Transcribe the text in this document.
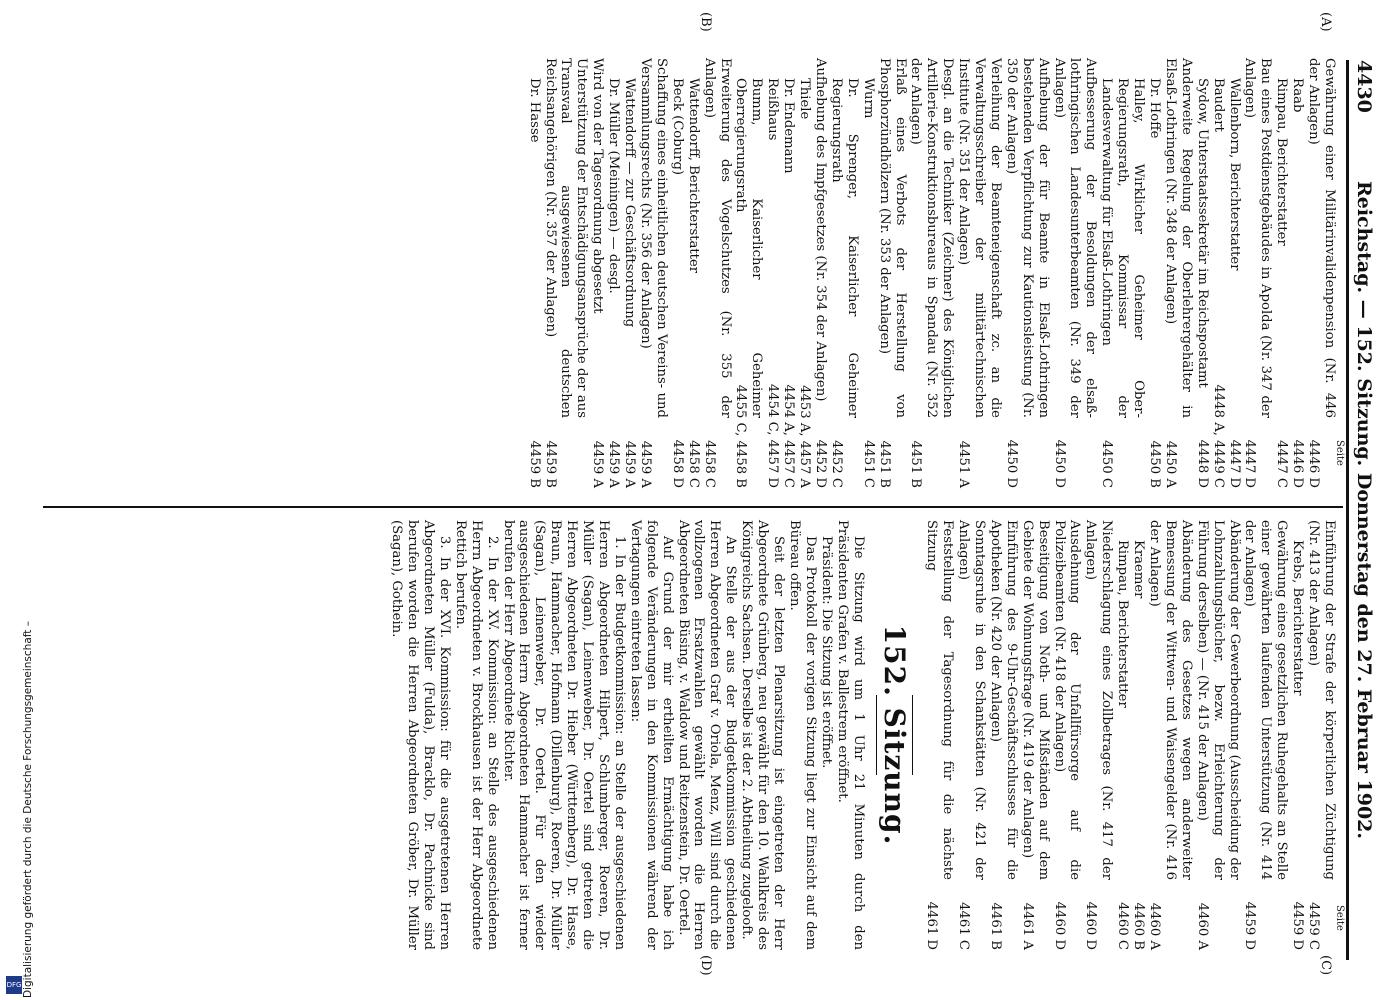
4430
Reichstag. — 152. Sitzung. Donnerstag den 27. Februar 1902.
Seite
Seite
(A)
(B)
(C)
(D)
Gewährung einer Militärinvalidenpension (Nr. 446 der Anlagen)
4446 D
Raab
4446 D
Rimpau, Berichterstatter
4447 C
Bau eines Postdienstgebäudes in Apolda (Nr. 347 der Anlagen)
4447 D
Wallenborn, Berichterstatter
4447 D
Baudert
4448 A, 4449 C
Sydow, Unterstaatssekretär im Reichspostamt
4448 D
Anderweite Regelung der Oberlehrergehälter in Elsaß-Lothringen (Nr. 348 der Anlagen)
4450 A
Dr. Hoffe
4450 B
Halley, Wirklicher Geheimer Ober-Regierungsrath, Kommissar der Landesverwaltung für Elsaß-Lothringen
4450 C
Aufbesserung der Besoldungen der elsaß-lothringischen Landesunterbeamten (Nr. 349 der Anlagen)
4450 D
Aufhebung der für Beamte in Elsaß-Lothringen bestehenden Verpflichtung zur Kautionsleistung (Nr. 350 der Anlagen)
4450 D
Verleihung der Beamteneigenschaft zc. an die Verwaltungsschreiber der militärtechnischen Institute (Nr. 351 der Anlagen)
4451 A
Desgl. an die Techniker (Zeichner) des Königlichen Artillerie-Konstruktionsbureaus in Spandau (Nr. 352 der Anlagen)
4451 B
Erlaß eines Verbots der Herstellung von Phosphorzündhölzern (Nr. 353 der Anlagen)
4451 B
Wurm
4451 C
Dr. Sprenger, Kaiserlicher Geheimer Regierungsrath
4452 C
Aufhebung des Impfgesetzes (Nr. 354 der Anlagen)
4452 D
Thiele
4453 A, 4457 A
Dr. Endemann
4454 A, 4457 C
Reißhaus
4454 C, 4457 D
Bumm, Kaiserlicher Geheimer Oberregierungsrath
4455 C, 4458 B
Erweiterung des Vogelschutzes (Nr. 355 der Anlagen)
4458 C
Wattendorff, Berichterstatter
4458 C
Beck (Coburg)
4458 D
Schaffung eines einheitlichen deutschen Vereins- und Versammlungsrechts (Nr. 356 der Anlagen)
4459 A
Wattendorff — zur Geschäftsordnung
4459 A
Dr. Müller (Meiningen) — desgl.
4459 A
Wird von der Tagesordnung abgesetzt
4459 A
Unterstützung der Entschädigungsansprüche der aus Transvaal ausgewiesenen deutschen Reichsangehörigen (Nr. 357 der Anlagen)
4459 B
Dr. Hasse
4459 B
Einführung der Strafe der körperlichen Züchtigung (Nr. 413 der Anlagen)
4459 C
Krebs, Berichterstatter
4459 D
Gewährung eines gesetzlichen Ruhegehalts an Stelle einer gewährten laufenden Unterstützung (Nr. 414 der Anlagen)
4459 D
Abänderung der Gewerbeordnung (Ausscheidung der Lohnzahlungsbücher, bezw. Erleichterung der Führung derselben) — (Nr. 415 der Anlagen)
4460 A
Abänderung des Gesetzes wegen anderweiter Bemessung der Wittwen- und Waisengelder (Nr. 416 der Anlagen)
4460 A
Kraemer
4460 B
Rimpau, Berichterstatter
4460 C
Niederschlagung eines Zollbetrages (Nr. 417 der Anlagen)
4460 D
Ausdehnung der Unfallfürsorge auf die Polizeibeamten (Nr. 418 der Anlagen)
4460 D
Beseitigung von Noth- und Mißständen auf dem Gebiete der Wohnungsfrage (Nr. 419 der Anlagen)
4461 A
Einführung des 9-Uhr-Geschäftsschlusses für die Apotheken (Nr. 420 der Anlagen)
4461 B
Sonntagsruhe in den Schankstätten (Nr. 421 der Anlagen)
4461 C
Feststellung der Tagesordnung für die nächste Sitzung
4461 D
152. Sitzung.

Die Sitzung wird um 1 Uhr 21 Minuten durch den Präsidenten Grafen v. Ballestrem eröffnet.

Präsident: Die Sitzung ist eröffnet.

Das Protokoll der vorigen Sitzung liegt zur Einsicht auf dem Büreau offen.

Seit der letzten Plenarsitzung ist eingetreten der Herr Abgeordnete Grünberg, neu gewählt für den 10. Wahlkreis des Königreichs Sachsen. Derselbe ist der 2. Abtheilung zugelooft.

An Stelle der aus der Budgetkommission geschiedenen Herren Abgeordneten Graf v. Oriola, Menz, Will sind durch die vollzogenen Ersatzwahlen gewählt worden die Herren Abgeordneten Büsing, v. Waldow und Reitzenstein, Dr. Oertel.

Auf Grund der mir ertheilten Ermächtigung habe ich folgende Veränderungen in den Kommissionen während der Vertagungen eintreten lassen:

1. In der Budgetkommission: an Stelle der ausgeschiedenen Herren Abgeordneten Hilpert, Schlumberger, Roeren, Dr. Müller (Sagan), Leinenweber, Dr. Oertel sind getreten die Herren Abgeordneten Dr. Hieber (Württemberg), Dr. Hasse, Braun, Hammacher, Hofmann (Dillenburg), Roeren, Dr. Müller (Sagan), Leinenweber, Dr. Oertel. Für den wieder ausgeschiedenen Herrn Abgeordneten Hammacher ist ferner berufen der Herr Abgeordnete Richter.

2. In der XV. Kommission: an Stelle des ausgeschiedenen Herrn Abgeordneten v. Brockhausen ist der Herr Abgeordnete Rettich berufen.

3. In der XVI. Kommission: für die ausgetretenen Herren Abgeordneten Müller (Fulda), Bracklo, Dr. Pachnicke sind berufen worden die Herren Abgeordneten Gröber, Dr. Müller (Sagan), Gothein.

Digitalisierung gefördert durch die Deutsche Forschungsgemeinschaft –
DFG
